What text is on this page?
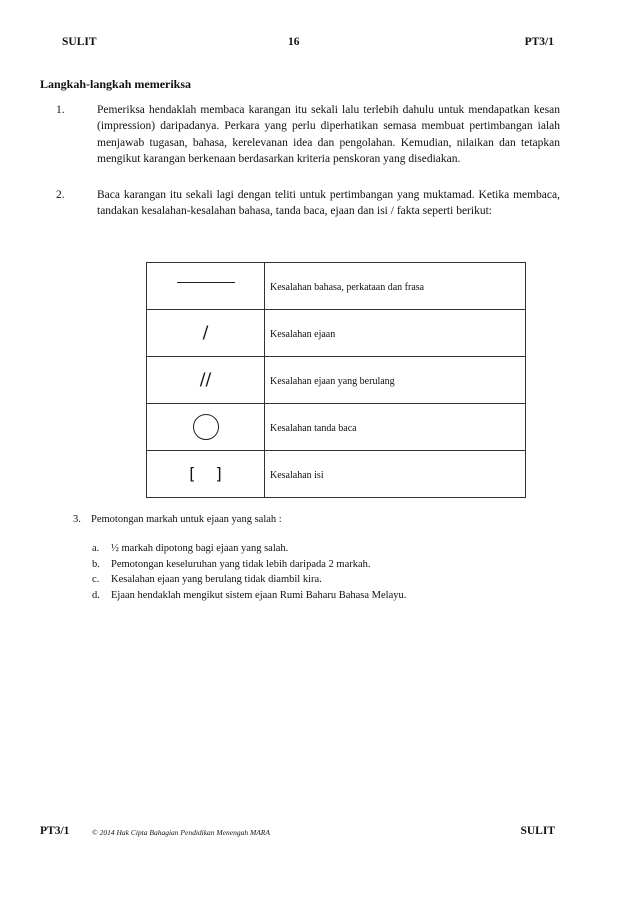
SULIT	16	PT3/1
Langkah-langkah memeriksa
1.	Pemeriksa hendaklah membaca karangan itu sekali lalu terlebih dahulu untuk mendapatkan kesan (impression) daripadanya. Perkara yang perlu diperhatikan semasa membuat pertimbangan ialah menjawab tugasan, bahasa, kerelevanan idea dan pengolahan. Kemudian, nilaikan dan tetapkan mengikut karangan berkenaan berdasarkan kriteria penskoran yang disediakan.
2.	Baca karangan itu sekali lagi dengan teliti untuk pertimbangan yang muktamad. Ketika membaca, tandakan kesalahan-kesalahan bahasa, tanda baca, ejaan dan isi / fakta seperti berikut:
	Kesalahan bahasa, perkataan dan frasa
/	Kesalahan ejaan
//	Kesalahan ejaan yang berulang
	Kesalahan tanda baca
[ ]	Kesalahan isi
3. Pemotongan markah untuk ejaan yang salah :
a. ½ markah dipotong bagi ejaan yang salah.
b. Pemotongan keseluruhan yang tidak lebih daripada 2 markah.
c. Kesalahan ejaan yang berulang tidak diambil kira.
d. Ejaan hendaklah mengikut sistem ejaan Rumi Baharu Bahasa Melayu.
PT3/1	© 2014 Hak Cipta Bahagian Pendidikan Menengah MARA	SULIT
